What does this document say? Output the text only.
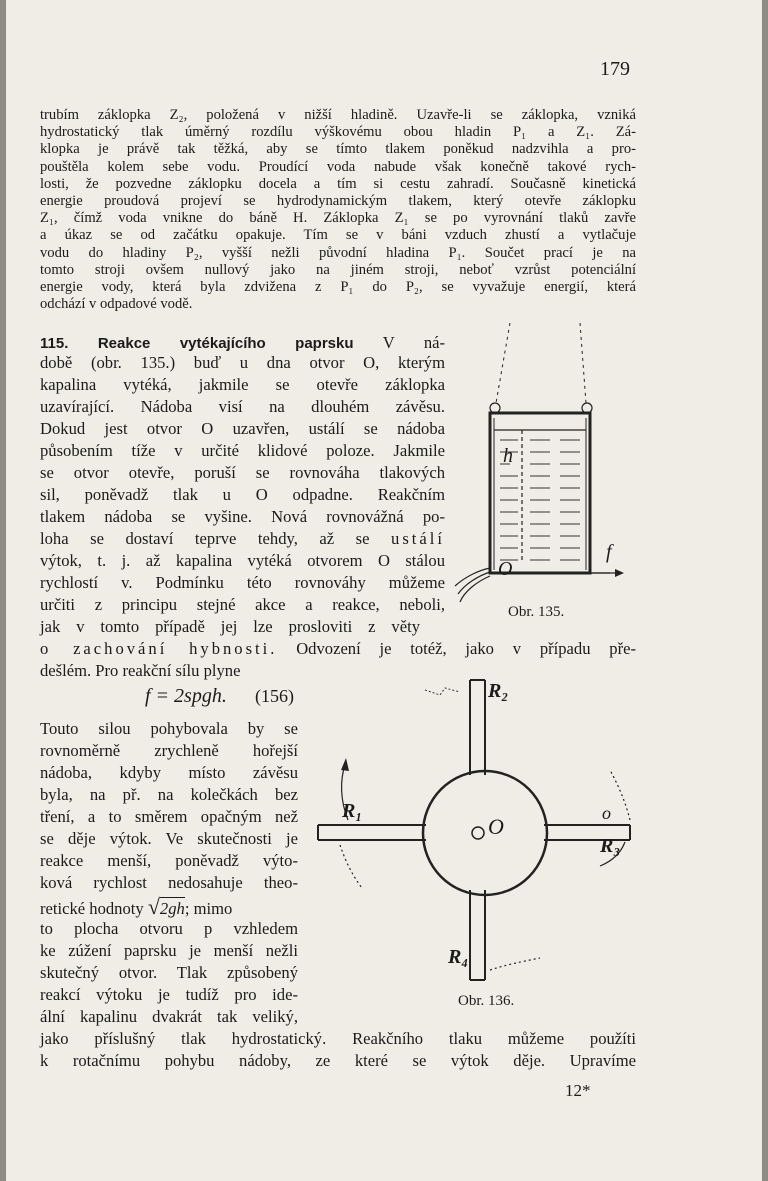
179
trubím záklopka Z₂, položená v nižší hladině. Uzavře-li se záklopka, vzniká
hydrostatický tlak úměrný rozdílu výškovému obou hladin P₁ a Z₁. Zá-
klopka je právě tak těžká, aby se tímto tlakem poněkud nadzvihla a pro-
pouštěla kolem sebe vodu. Proudící voda nabude však konečně takové rych-
losti, že pozvedne záklopku docela a tím si cestu zahradí. Současně kinetická
energie proudová projeví se hydrodynamickým tlakem, který otevře záklopku
Z₁, čímž voda vnikne do báně H. Záklopka Z₁ se po vyrovnání tlaků zavře
a úkaz se od začátku opakuje. Tím se v báni vzduch zhustí a vytlačuje
vodu do hladiny P₂, vyšší nežli původní hladina P₁. Součet prací je na
tomto stroji ovšem nullový jako na jiném stroji, neboť vzrůst potenciální
energie vody, která byla zdvižena z P₁ do P₂, se vyvažuje energií, která
odchází v odpadové vodě.
115. Reakce vytékajícího paprsku V ná-
době (obr. 135.) buď u dna otvor O, kterým
kapalina vytéká, jakmile se otevře záklopka
uzavírající. Nádoba visí na dlouhém závěsu.
Dokud jest otvor O uzavřen, ustálí se nádoba
působením tíže v určité klidové poloze. Jakmile
se otvor otevře, poruší se rovnováha tlakových
sil, poněvadž tlak u O odpadne. Reakčním
tlakem nádoba se vyšine. Nová rovnovážná po-
loha se dostaví teprve tehdy, až se ustálí
výtok, t. j. až kapalina vytéká otvorem O stálou
rychlostí v. Podmínku této rovnováhy můžeme
určiti z principu stejné akce a reakce, neboli,
jak v tomto případě jej lze prosloviti z věty
o zachování hybnosti. Odvození je totéž, jako v případu pře-
dešlém. Pro reakční sílu plyne
f = 2spgh. (156)
Touto silou pohybovala by se
rovnoměrně zrychleně hořejší
nádoba, kdyby místo závěsu
byla, na př. na kolečkách bez
tření, a to směrem opačným než
se děje výtok. Ve skutečnosti je
reakce menší, poněvadž výto-
ková rychlost nedosahuje theo-
retické hodnoty √2gh; mimo
to plocha otvoru p vzhledem
ke zúžení paprsku je menší nežli
skutečný otvor. Tlak způsobený
reakcí výtoku je tudíž pro ide-
ální kapalinu dvakrát tak veliký,
jako příslušný tlak hydrostatický. Reakčního tlaku můžeme použíti
k rotačnímu pohybu nádoby, ze které se výtok děje. Upravíme
12*
h
O
f
Obr. 135.
R₂
R₁
R₃
R₄
O
o
Obr. 136.
